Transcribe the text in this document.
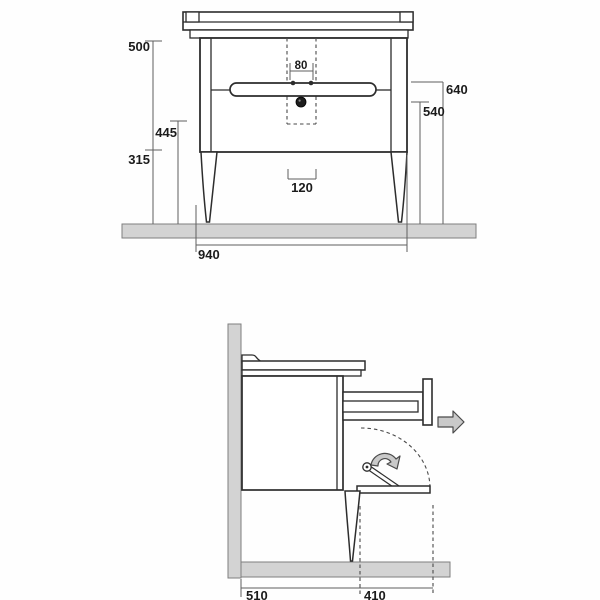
500
315
445
640
540
80
120
940
510	410
